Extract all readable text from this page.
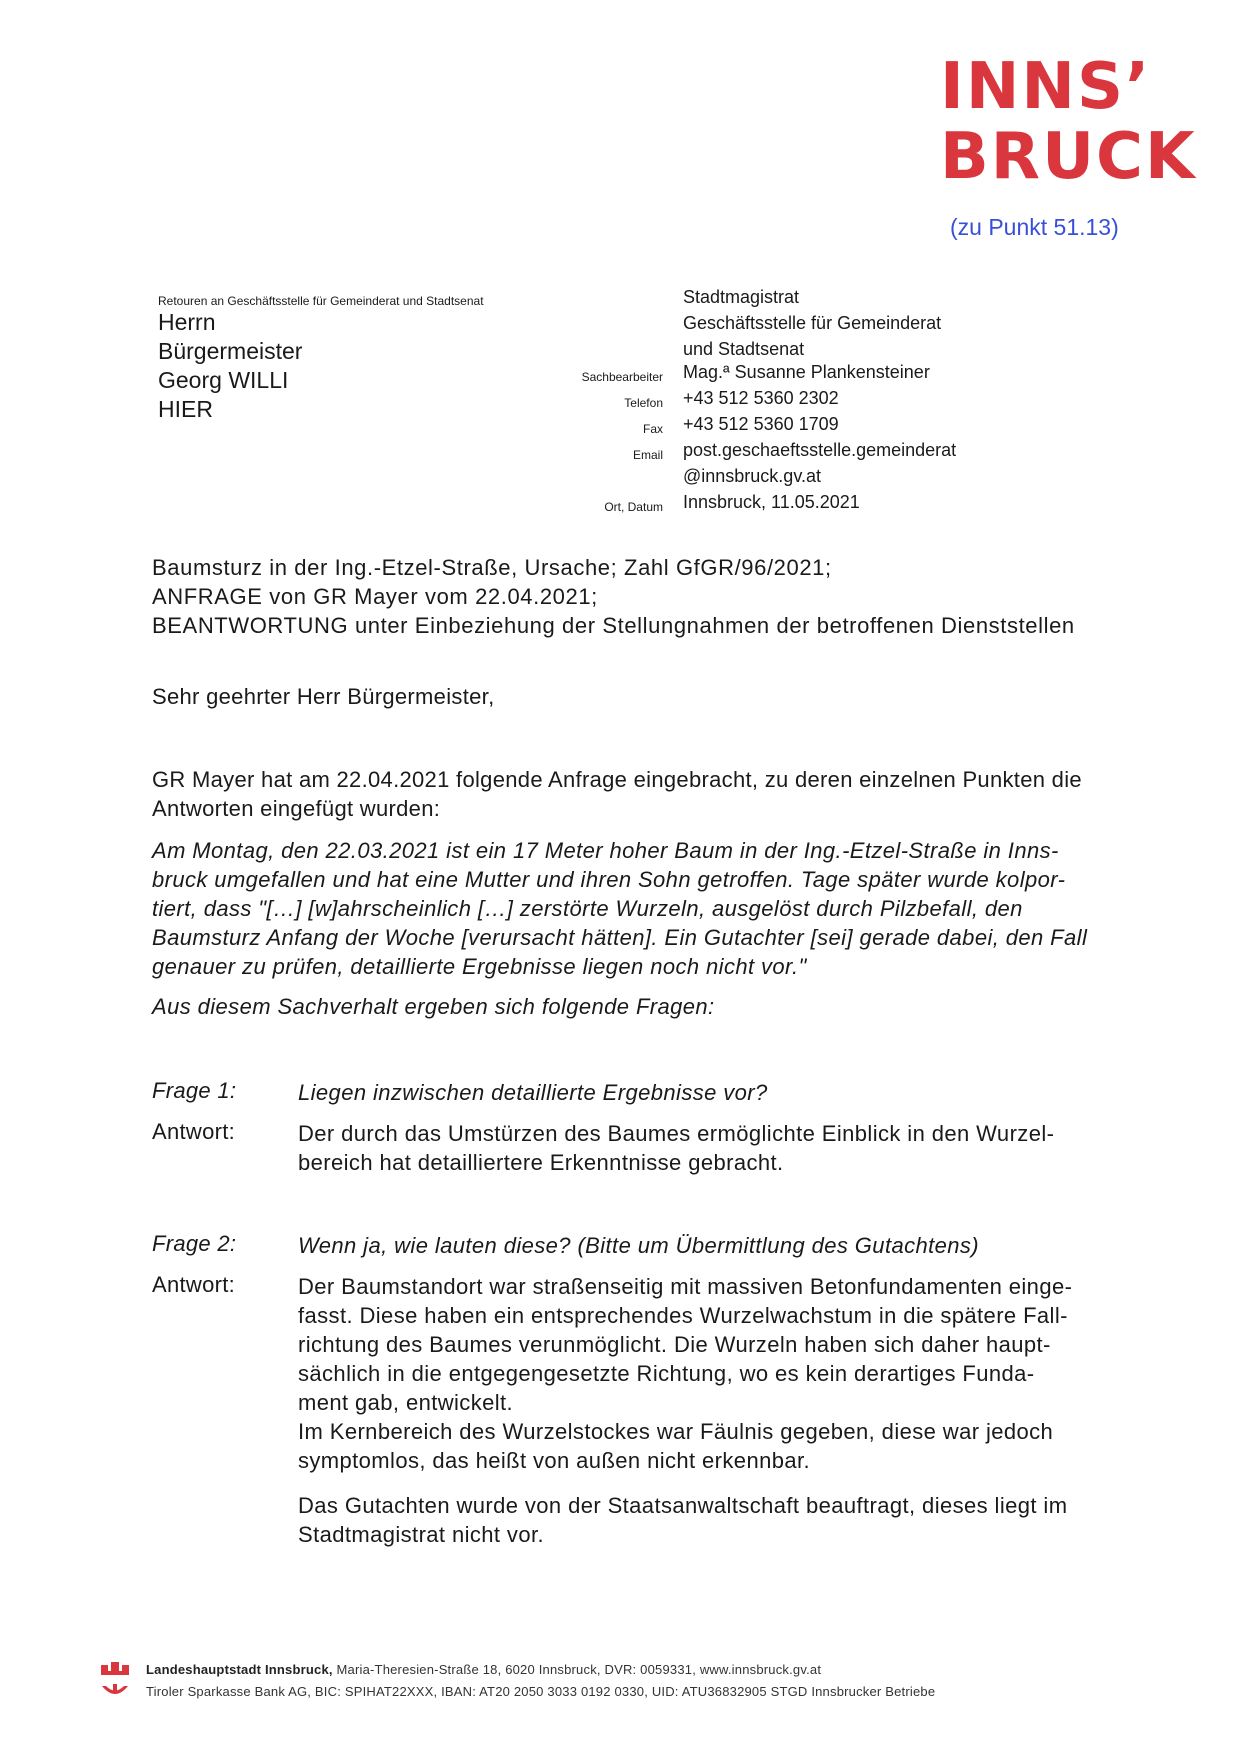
INNS’
BRUCK
(zu Punkt 51.13)
Retouren an Geschäftsstelle für Gemeinderat und Stadtsenat
Herrn
Bürgermeister
Georg WILLI
HIER
Stadtmagistrat
Geschäftsstelle für Gemeinderat
und Stadtsenat
Sachbearbeiter Mag.ª Susanne Plankensteiner
Telefon +43 512 5360 2302
Fax +43 512 5360 1709
Email post.geschaeftsstelle.gemeinderat
@innsbruck.gv.at
Ort, Datum Innsbruck, 11.05.2021
Baumsturz in der Ing.-Etzel-Straße, Ursache; Zahl GfGR/96/2021;
ANFRAGE von GR Mayer vom 22.04.2021;
BEANTWORTUNG unter Einbeziehung der Stellungnahmen der betroffenen Dienststellen
Sehr geehrter Herr Bürgermeister,
GR Mayer hat am 22.04.2021 folgende Anfrage eingebracht, zu deren einzelnen Punkten die Antworten eingefügt wurden:
Am Montag, den 22.03.2021 ist ein 17 Meter hoher Baum in der Ing.-Etzel-Straße in Inns-
bruck umgefallen und hat eine Mutter und ihren Sohn getroffen. Tage später wurde kolpor-
tiert, dass "[…] [w]ahrscheinlich […] zerstörte Wurzeln, ausgelöst durch Pilzbefall, den
Baumsturz Anfang der Woche [verursacht hätten]. Ein Gutachter [sei] gerade dabei, den Fall
genauer zu prüfen, detaillierte Ergebnisse liegen noch nicht vor."
Aus diesem Sachverhalt ergeben sich folgende Fragen:
Frage 1:	Liegen inzwischen detaillierte Ergebnisse vor?
Antwort:	Der durch das Umstürzen des Baumes ermöglichte Einblick in den Wurzel-
bereich hat detailliertere Erkenntnisse gebracht.
Frage 2:	Wenn ja, wie lauten diese? (Bitte um Übermittlung des Gutachtens)
Antwort:	Der Baumstandort war straßenseitig mit massiven Betonfundamenten einge-
fasst. Diese haben ein entsprechendes Wurzelwachstum in die spätere Fall-
richtung des Baumes verunmöglicht. Die Wurzeln haben sich daher haupt-
sächlich in die entgegengesetzte Richtung, wo es kein derartiges Funda-
ment gab, entwickelt.
Im Kernbereich des Wurzelstockes war Fäulnis gegeben, diese war jedoch
symptomlos, das heißt von außen nicht erkennbar.
Das Gutachten wurde von der Staatsanwaltschaft beauftragt, dieses liegt im
Stadtmagistrat nicht vor.
Landeshauptstadt Innsbruck, Maria-Theresien-Straße 18, 6020 Innsbruck, DVR: 0059331, www.innsbruck.gv.at
Tiroler Sparkasse Bank AG, BIC: SPIHAT22XXX, IBAN: AT20 2050 3033 0192 0330, UID: ATU36832905 STGD Innsbrucker Betriebe
